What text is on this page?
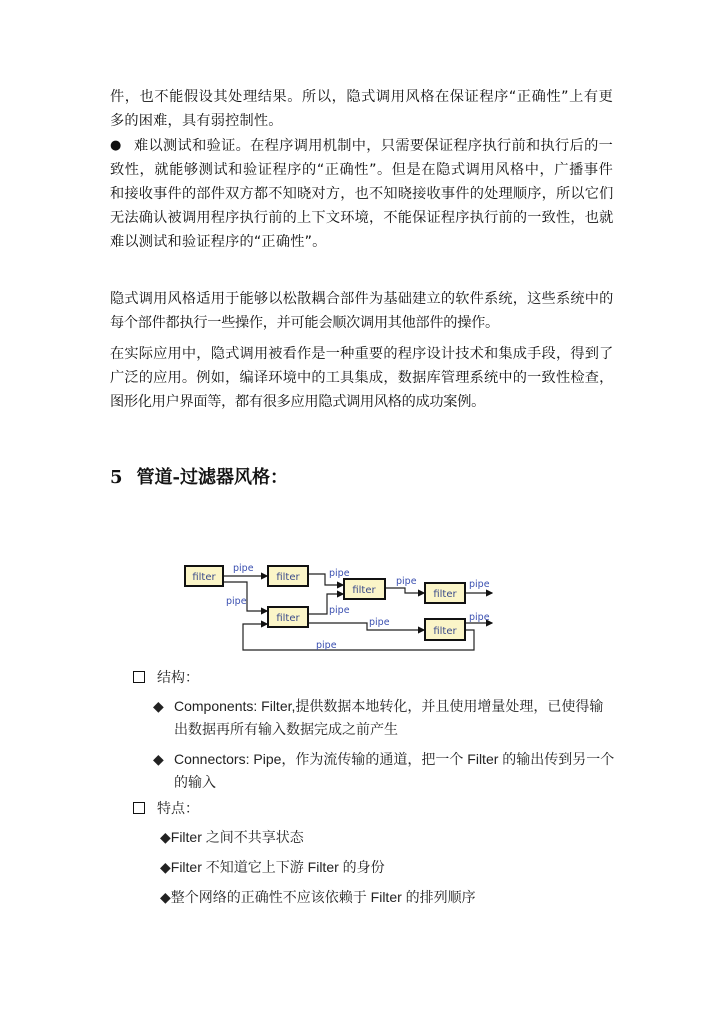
件，也不能假设其处理结果。所以，隐式调用风格在保证程序“正确性”上有更
多的困难，具有弱控制性。
● 难以测试和验证。在程序调用机制中，只需要保证程序执行前和执行后的一
致性，就能够测试和验证程序的“正确性”。但是在隐式调用风格中，广播事件
和接收事件的部件双方都不知晓对方，也不知晓接收事件的处理顺序，所以它们
无法确认被调用程序执行前的上下文环境，不能保证程序执行前的一致性，也就
难以测试和验证程序的“正确性”。
隐式调用风格适用于能够以松散耦合部件为基础建立的软件系统，这些系统中的
每个部件都执行一些操作，并可能会顺次调用其他部件的操作。
在实际应用中，隐式调用被看作是一种重要的程序设计技术和集成手段，得到了
广泛的应用。例如，编译环境中的工具集成，数据库管理系统中的一致性检查，
图形化用户界面等，都有很多应用隐式调用风格的成功案例。
5 管道-过滤器风格：
filter	filter
filter	filter
filter
filter
pipe
pipe
pipe
pipe
pipe	pipe
pipe	pipe
pipe
结构：
◆ Components: Filter,提供数据本地转化，并且使用增量处理，已使得输
出数据再所有输入数据完成之前产生
◆ Connectors: Pipe，作为流传输的通道，把一个 Filter 的输出传到另一个
的输入
特点：
◆Filter 之间不共享状态
◆Filter 不知道它上下游 Filter 的身份
◆整个网络的正确性不应该依赖于 Filter 的排列顺序
